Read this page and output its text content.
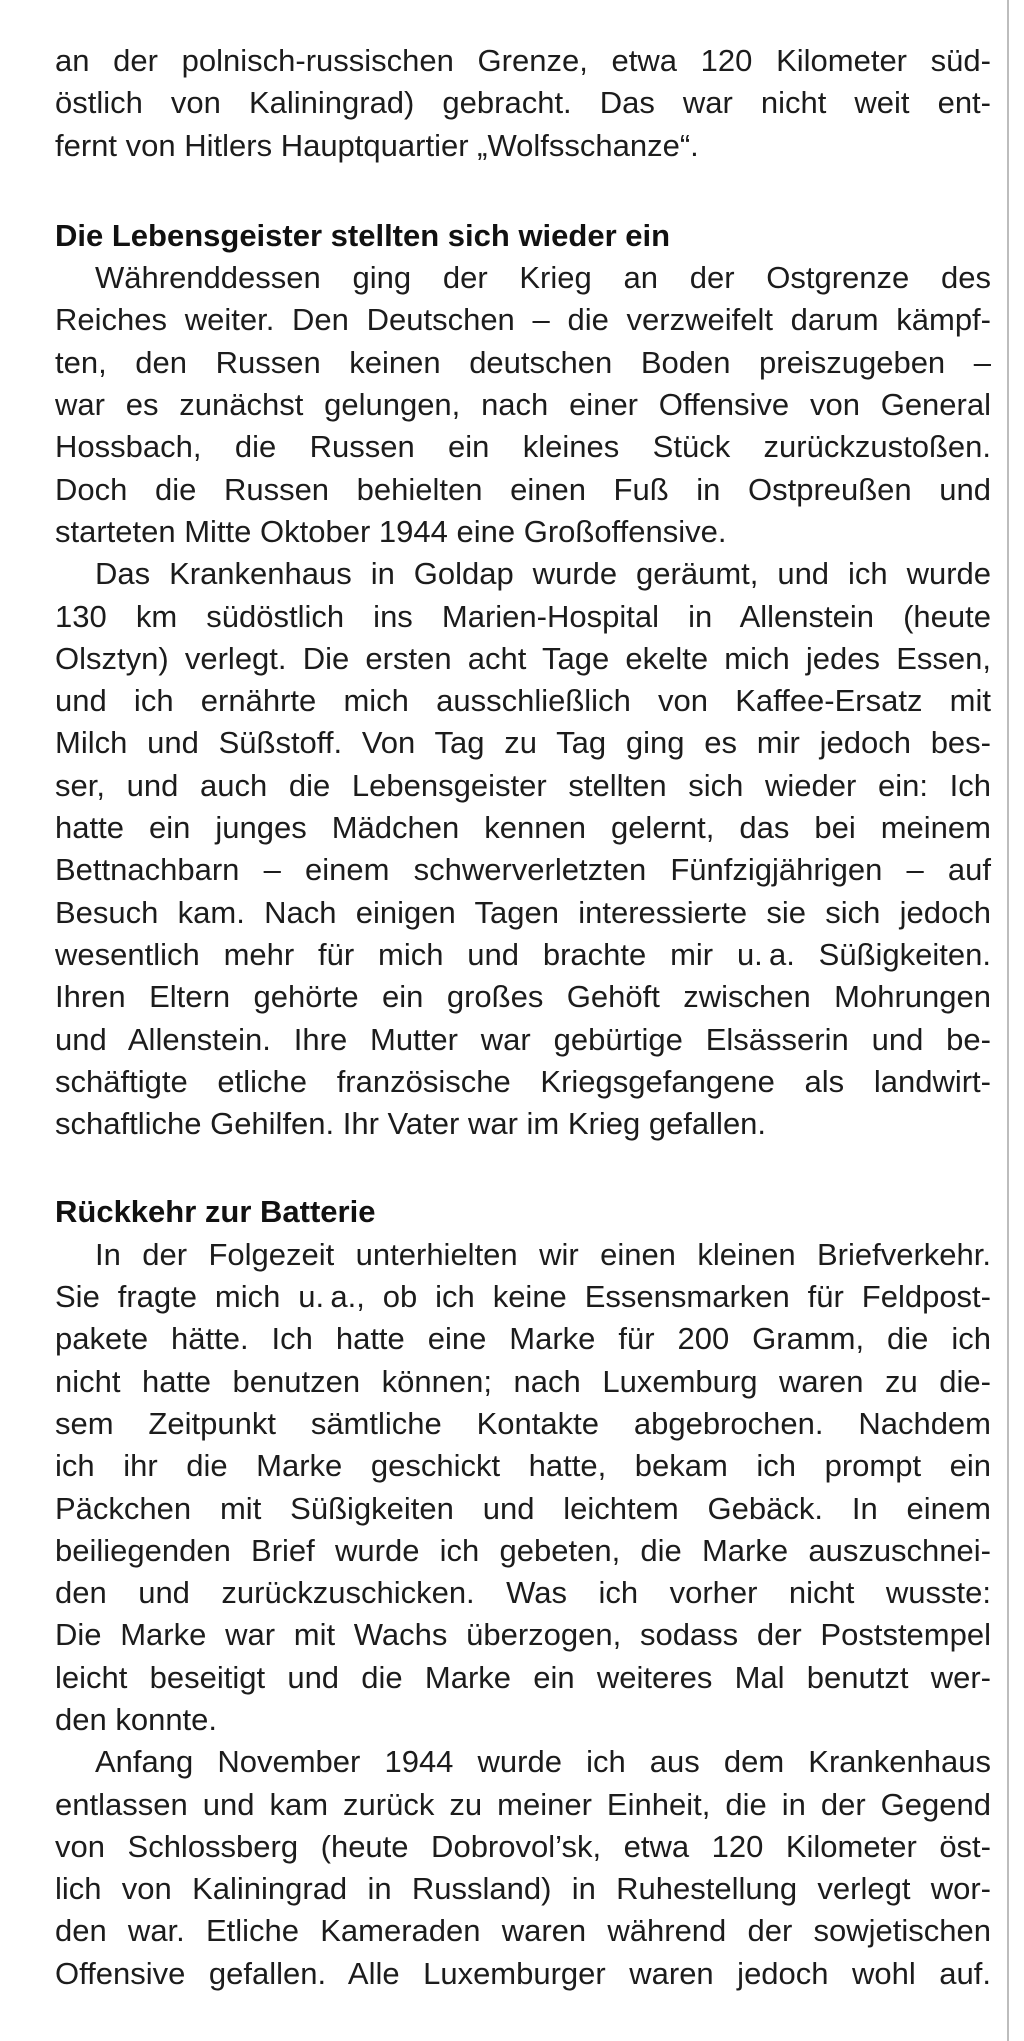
an der polnisch-russischen Grenze, etwa 120 Kilometer süd-

östlich von Kaliningrad) gebracht. Das war nicht weit ent-

fernt von Hitlers Hauptquartier „Wolfsschanze“.

Die Lebensgeister stellten sich wieder ein

Währenddessen ging der Krieg an der Ostgrenze des

Reiches weiter. Den Deutschen – die verzweifelt darum kämpf-

ten, den Russen keinen deutschen Boden preiszugeben –

war es zunächst gelungen, nach einer Offensive von General

Hossbach, die Russen ein kleines Stück zurückzustoßen.

Doch die Russen behielten einen Fuß in Ostpreußen und

starteten Mitte Oktober 1944 eine Großoffensive.

Das Krankenhaus in Goldap wurde geräumt, und ich wurde

130 km südöstlich ins Marien-Hospital in Allenstein (heute

Olsztyn) verlegt. Die ersten acht Tage ekelte mich jedes Essen,

und ich ernährte mich ausschließlich von Kaffee-Ersatz mit

Milch und Süßstoff. Von Tag zu Tag ging es mir jedoch bes-

ser, und auch die Lebensgeister stellten sich wieder ein: Ich

hatte ein junges Mädchen kennen gelernt, das bei meinem

Bettnachbarn – einem schwerverletzten Fünfzigjährigen – auf

Besuch kam. Nach einigen Tagen interessierte sie sich jedoch

wesentlich mehr für mich und brachte mir u. a. Süßigkeiten.

Ihren Eltern gehörte ein großes Gehöft zwischen Mohrungen

und Allenstein. Ihre Mutter war gebürtige Elsässerin und be-

schäftigte etliche französische Kriegsgefangene als landwirt-

schaftliche Gehilfen. Ihr Vater war im Krieg gefallen.

Rückkehr zur Batterie

In der Folgezeit unterhielten wir einen kleinen Briefverkehr.

Sie fragte mich u. a., ob ich keine Essensmarken für Feldpost-

pakete hätte. Ich hatte eine Marke für 200 Gramm, die ich

nicht hatte benutzen können; nach Luxemburg waren zu die-

sem Zeitpunkt sämtliche Kontakte abgebrochen. Nachdem

ich ihr die Marke geschickt hatte, bekam ich prompt ein

Päckchen mit Süßigkeiten und leichtem Gebäck. In einem

beiliegenden Brief wurde ich gebeten, die Marke auszuschnei-

den und zurückzuschicken. Was ich vorher nicht wusste:

Die Marke war mit Wachs überzogen, sodass der Poststempel

leicht beseitigt und die Marke ein weiteres Mal benutzt wer-

den konnte.

Anfang November 1944 wurde ich aus dem Krankenhaus

entlassen und kam zurück zu meiner Einheit, die in der Gegend

von Schlossberg (heute Dobrovol’sk, etwa 120 Kilometer öst-

lich von Kaliningrad in Russland) in Ruhestellung verlegt wor-

den war. Etliche Kameraden waren während der sowjetischen

Offensive gefallen. Alle Luxemburger waren jedoch wohl auf.
